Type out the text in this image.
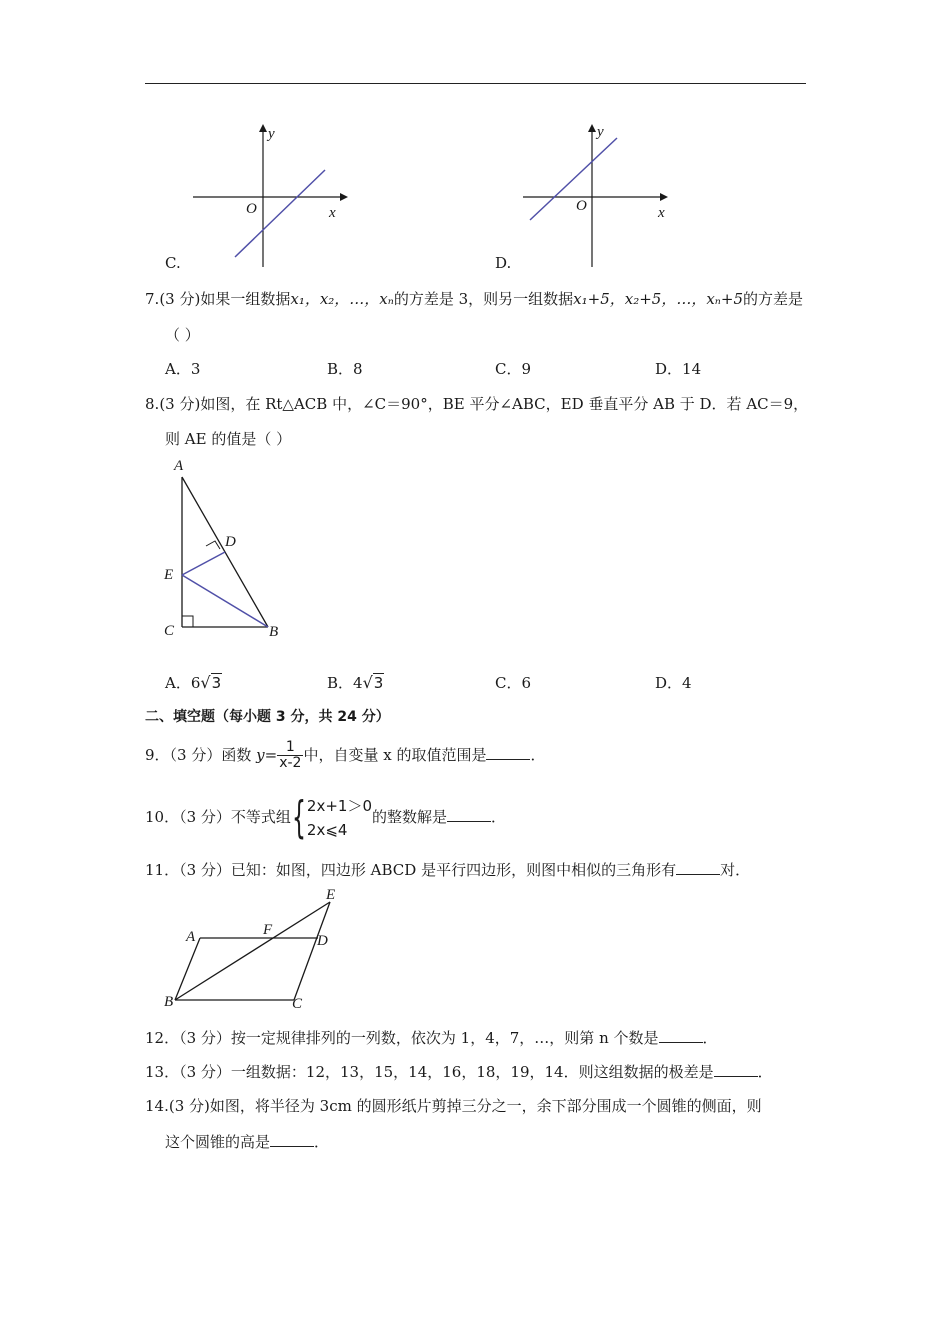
y
x
O
C.
y
x
O
D.
7.(3 分)如果一组数据x₁，x₂，…，xₙ的方差是 3，则另一组数据x₁+5，x₂+5，…，xₙ+5的方差是
（ ）
A．3	B．8	C．9	D．14
8.(3 分)如图，在 Rt△ACB 中，∠C＝90°，BE 平分∠ABC，ED 垂直平分 AB 于 D．若 AC＝9，
则 AE 的值是（ ）
A
D
E
C	B
A．6√3	B．4√3	C．6	D．4
二、填空题（每小题 3 分，共 24 分）
9．（3 分）函数 $y= \frac{1}{x-2}$ 中，自变量 x 的取值范围是	．
10．（3 分）不等式组{ 2x+1＞0
2x⩽4
的整数解是	．
11．（3 分）已知：如图，四边形 ABCD 是平行四边形，则图中相似的三角形有	对．
E
A	F
D
B	C
12．（3 分）按一定规律排列的一列数，依次为 1，4，7，…，则第 n 个数是	．
13．（3 分）一组数据：12，13，15，14，16，18，19，14．则这组数据的极差是	．
14.(3 分)如图，将半径为 3cm 的圆形纸片剪掉三分之一，余下部分围成一个圆锥的侧面，则
这个圆锥的高是	．
